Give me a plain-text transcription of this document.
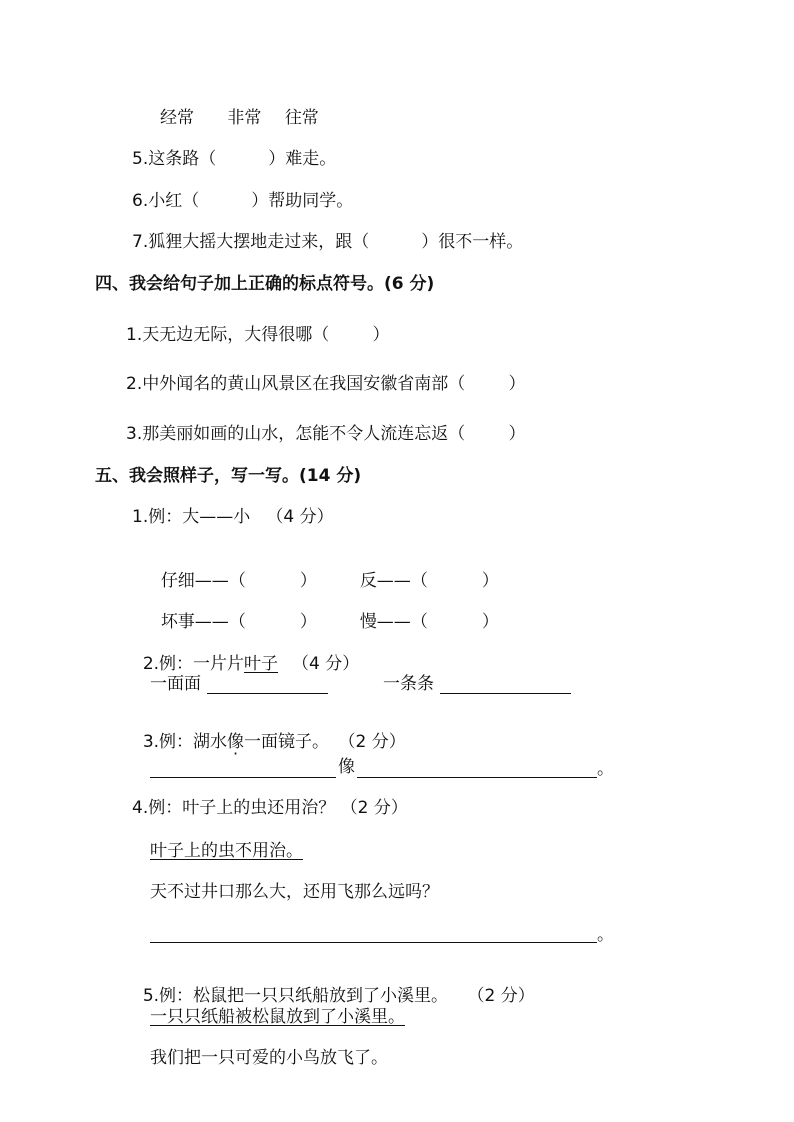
经常 非常 往常
5.这条路（	）难走。
6.小红（	）帮助同学。
7.狐狸大摇大摆地走过来，跟（	）很不一样。
四、我会给句子加上正确的标点符号。(6 分)
1.天无边无际，大得很哪（        ）
2.中外闻名的黄山风景区在我国安徽省南部（        ）
3.那美丽如画的山水，怎能不令人流连忘返（        ）
五、我会照样子，写一写。(14 分)
1.例：大——小   （4 分）

仔细——（          ）	反——（          ）

坏事——（          ）	慢——（          ）

2.例：一片片叶子 （4 分）

一面面	一条条

3.例：湖水像一面镜子。 （2 分）

像	。
4.例：叶子上的虫还用治？ （2 分）
叶子上的虫不用治。
天不过井口那么大，还用飞那么远吗？
。

5.例：松鼠把一只只纸船放到了小溪里。 （2 分）

一只只纸船被松鼠放到了小溪里。
我们把一只可爱的小鸟放飞了。
